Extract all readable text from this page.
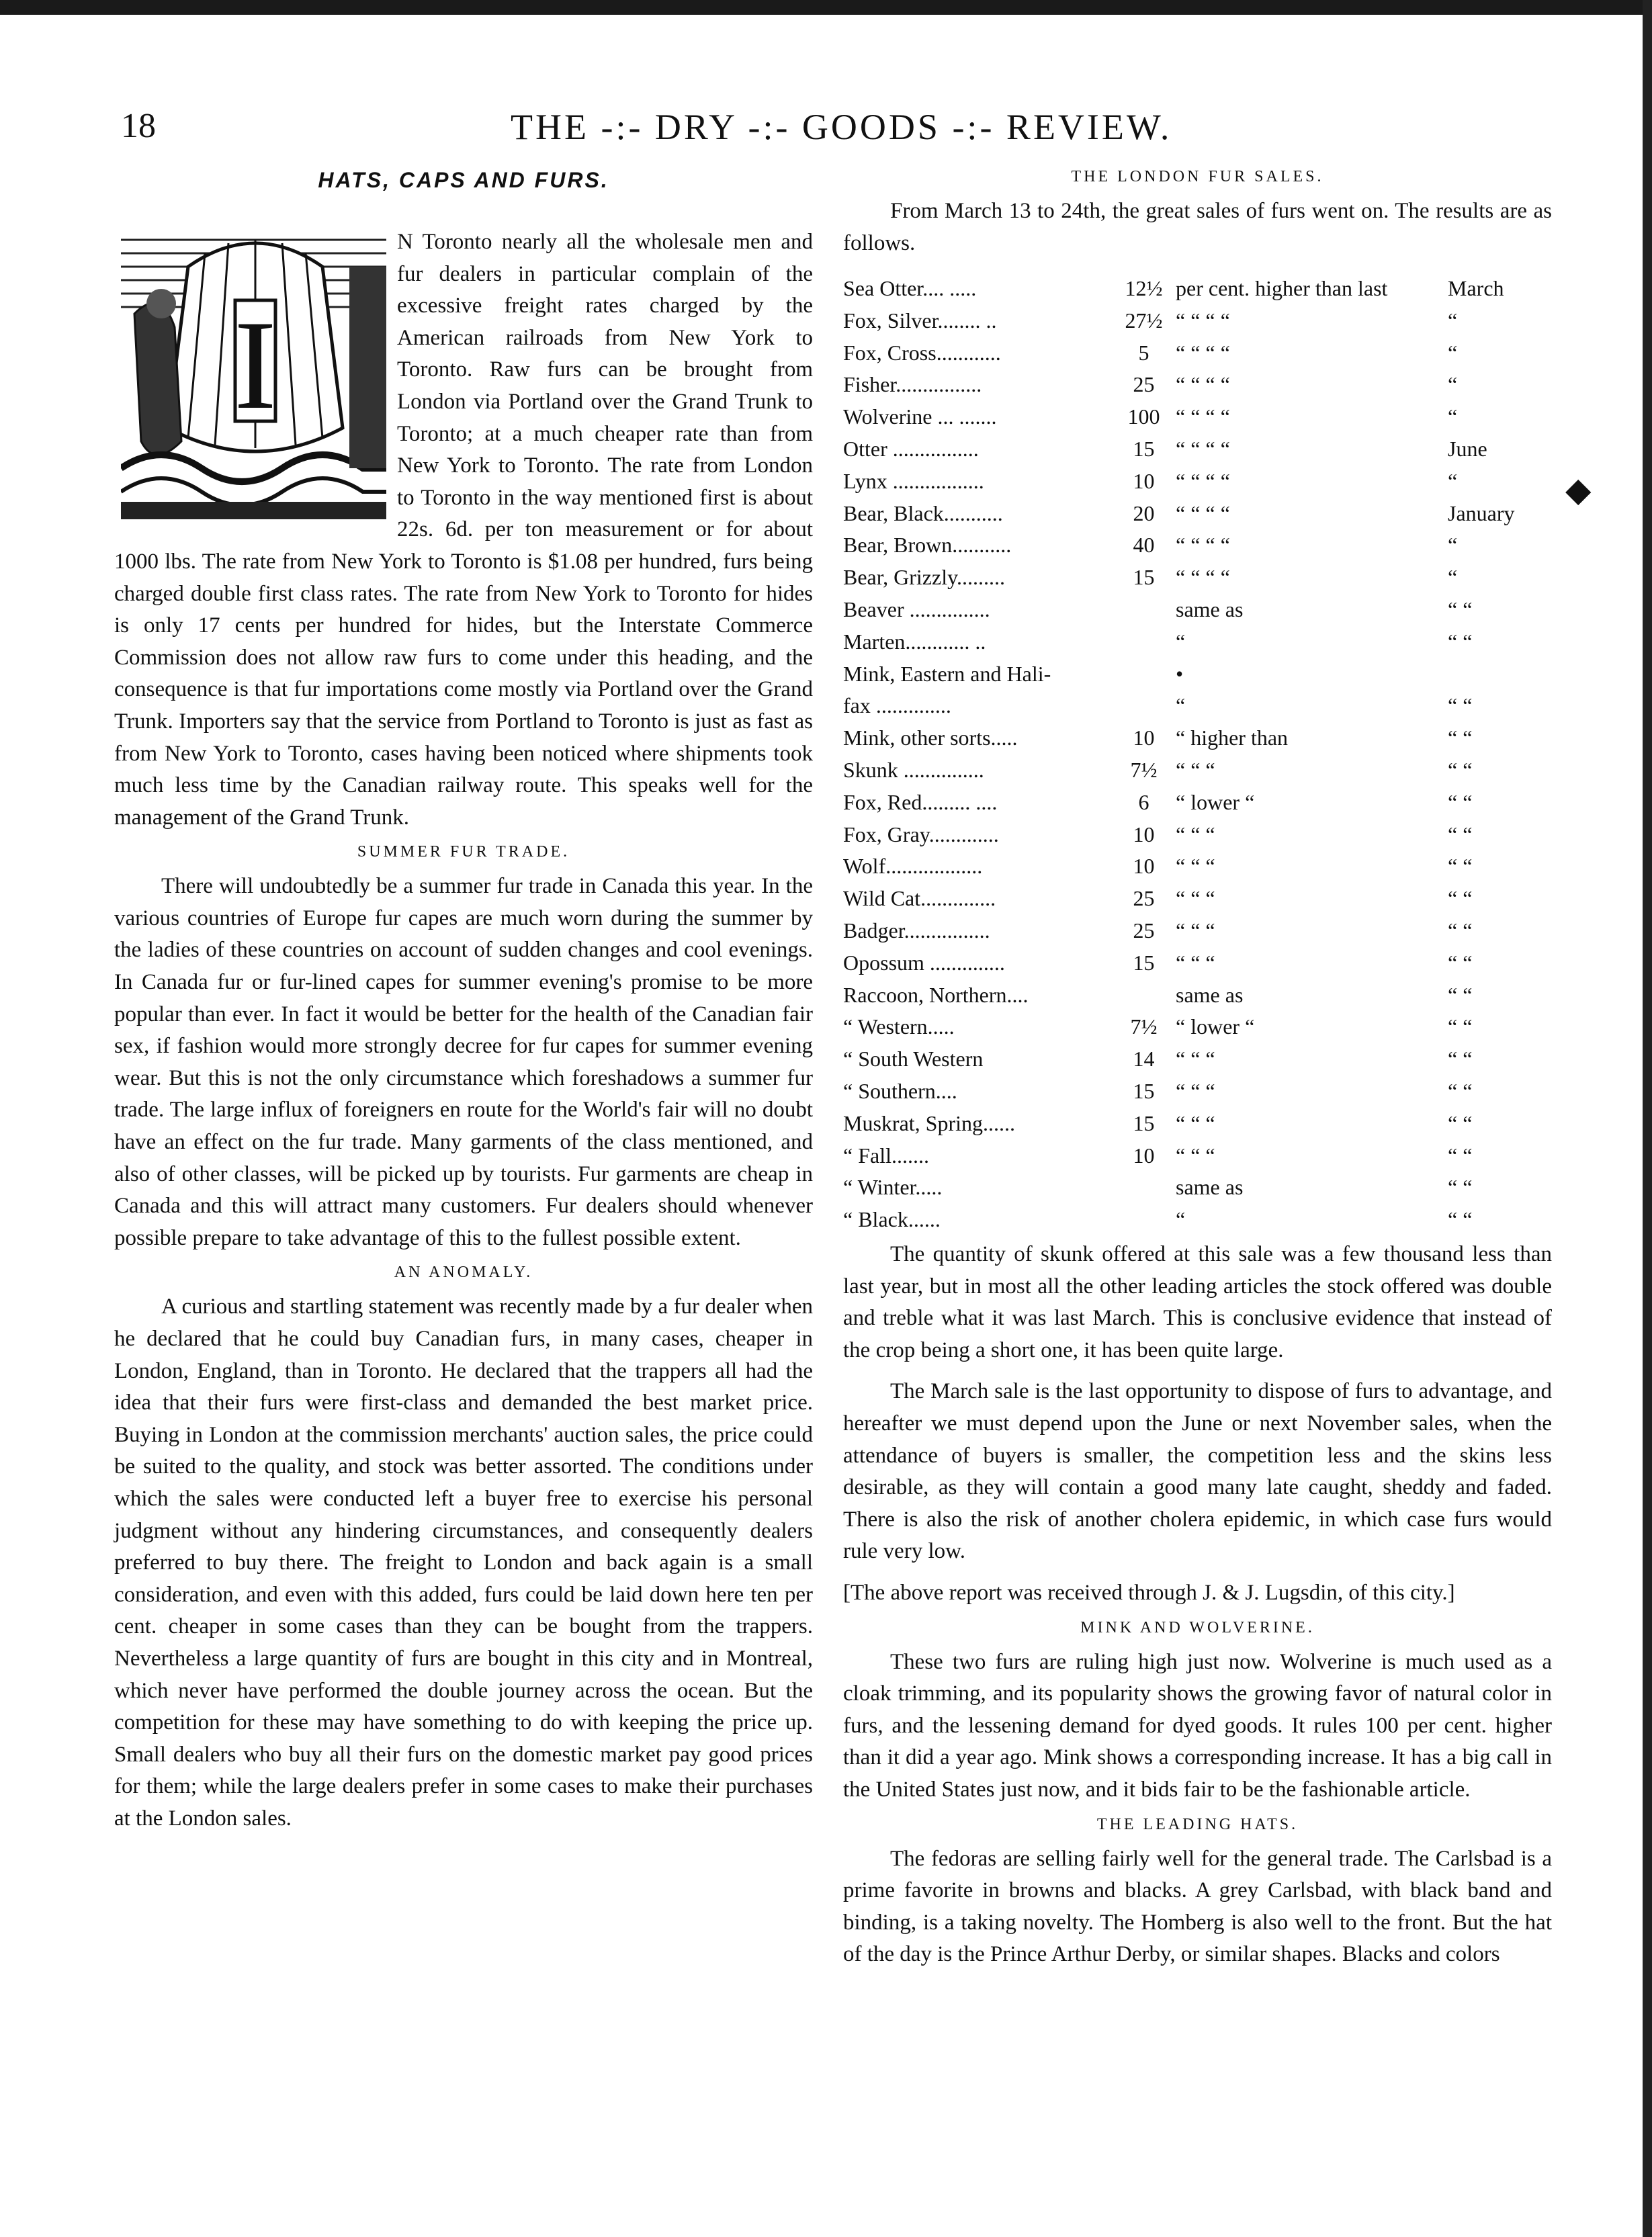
18	THE -:- DRY -:- GOODS -:- REVIEW.
HATS, CAPS AND FURS.
I

N Toronto nearly all the wholesale men and fur dealers in particular complain of the excessive freight rates charged by the American railroads from New York to Toronto. Raw furs can be brought from London via Portland over the Grand Trunk to Toronto; at a much cheaper rate than from New York to Toronto. The rate from London to Toronto in the way mentioned first is about 22s. 6d. per ton measurement or for about 1000 lbs. The rate from New York to Toronto is $1.08 per hundred, furs being charged double first class rates. The rate from New York to Toronto for hides is only 17 cents per hundred for hides, but the Interstate Commerce Commission does not allow raw furs to come under this heading, and the consequence is that fur importations come mostly via Portland over the Grand Trunk. Importers say that the service from Portland to Toronto is just as fast as from New York to Toronto, cases having been noticed where shipments took much less time by the Canadian railway route. This speaks well for the management of the Grand Trunk.

SUMMER FUR TRADE.

There will undoubtedly be a summer fur trade in Canada this year. In the various countries of Europe fur capes are much worn during the summer by the ladies of these countries on account of sudden changes and cool evenings. In Canada fur or fur-lined capes for summer evening's promise to be more popular than ever. In fact it would be better for the health of the Canadian fair sex, if fashion would more strongly decree for fur capes for summer evening wear. But this is not the only circumstance which foreshadows a summer fur trade. The large influx of foreigners en route for the World's fair will no doubt have an effect on the fur trade. Many garments of the class mentioned, and also of other classes, will be picked up by tourists. Fur garments are cheap in Canada and this will attract many customers. Fur dealers should whenever possible prepare to take advantage of this to the fullest possible extent.

AN ANOMALY.

A curious and startling statement was recently made by a fur dealer when he declared that he could buy Canadian furs, in many cases, cheaper in London, England, than in Toronto. He declared that the trappers all had the idea that their furs were first-class and demanded the best market price. Buying in London at the commission merchants' auction sales, the price could be suited to the quality, and stock was better assorted. The conditions under which the sales were conducted left a buyer free to exercise his personal judgment without any hindering circumstances, and consequently dealers preferred to buy there. The freight to London and back again is a small consideration, and even with this added, furs could be laid down here ten per cent. cheaper in some cases than they can be bought from the trappers. Nevertheless a large quantity of furs are bought in this city and in Montreal, which never have performed the double journey across the ocean. But the competition for these may have something to do with keeping the price up. Small dealers who buy all their furs on the domestic market pay good prices for them; while the large dealers prefer in some cases to make their purchases at the London sales.

THE LONDON FUR SALES.

From March 13 to 24th, the great sales of furs went on. The results are as follows.

Sea Otter.... .....	12½	per cent. higher than last	March
Fox, Silver........ ..	27½	“ “ “ “	“
Fox, Cross............	5	“ “ “ “	“
Fisher................	25	“ “ “ “	“
Wolverine ... .......	100	“ “ “ “	“
Otter ................	15	“ “ “ “	June
Lynx .................	10	“ “ “ “	“
Bear, Black...........	20	“ “ “ “	January
Bear, Brown...........	40	“ “ “ “	“
Bear, Grizzly.........	15	“ “ “ “	“
Beaver ...............		same as	“ “
Marten............ ..		“	“ “
Mink, Eastern and Hali-		•	
fax ..............		“	“ “
Mink, other sorts.....	10	“ higher than	“ “
Skunk ...............	7½	“ “ “	“ “
Fox, Red......... ....	6	“ lower “	“ “
Fox, Gray.............	10	“ “ “	“ “
Wolf..................	10	“ “ “	“ “
Wild Cat..............	25	“ “ “	“ “
Badger................	25	“ “ “	“ “
Opossum ..............	15	“ “ “	“ “
Raccoon, Northern....		same as	“ “
“ Western.....	7½	“ lower “	“ “
“ South Western	14	“ “ “	“ “
“ Southern....	15	“ “ “	“ “
Muskrat, Spring......	15	“ “ “	“ “
“ Fall.......	10	“ “ “	“ “
“ Winter.....		same as	“ “
“ Black......		“	“ “

The quantity of skunk offered at this sale was a few thousand less than last year, but in most all the other leading articles the stock offered was double and treble what it was last March. This is conclusive evidence that instead of the crop being a short one, it has been quite large.

The March sale is the last opportunity to dispose of furs to advantage, and hereafter we must depend upon the June or next November sales, when the attendance of buyers is smaller, the competition less and the skins less desirable, as they will contain a good many late caught, sheddy and faded. There is also the risk of another cholera epidemic, in which case furs would rule very low.

[The above report was received through J. & J. Lugsdin, of this city.]

MINK AND WOLVERINE.

These two furs are ruling high just now. Wolverine is much used as a cloak trimming, and its popularity shows the growing favor of natural color in furs, and the lessening demand for dyed goods. It rules 100 per cent. higher than it did a year ago. Mink shows a corresponding increase. It has a big call in the United States just now, and it bids fair to be the fashionable article.

THE LEADING HATS.

The fedoras are selling fairly well for the general trade. The Carlsbad is a prime favorite in browns and blacks. A grey Carlsbad, with black band and binding, is a taking novelty. The Homberg is also well to the front. But the hat of the day is the Prince Arthur Derby, or similar shapes. Blacks and colors

◆
